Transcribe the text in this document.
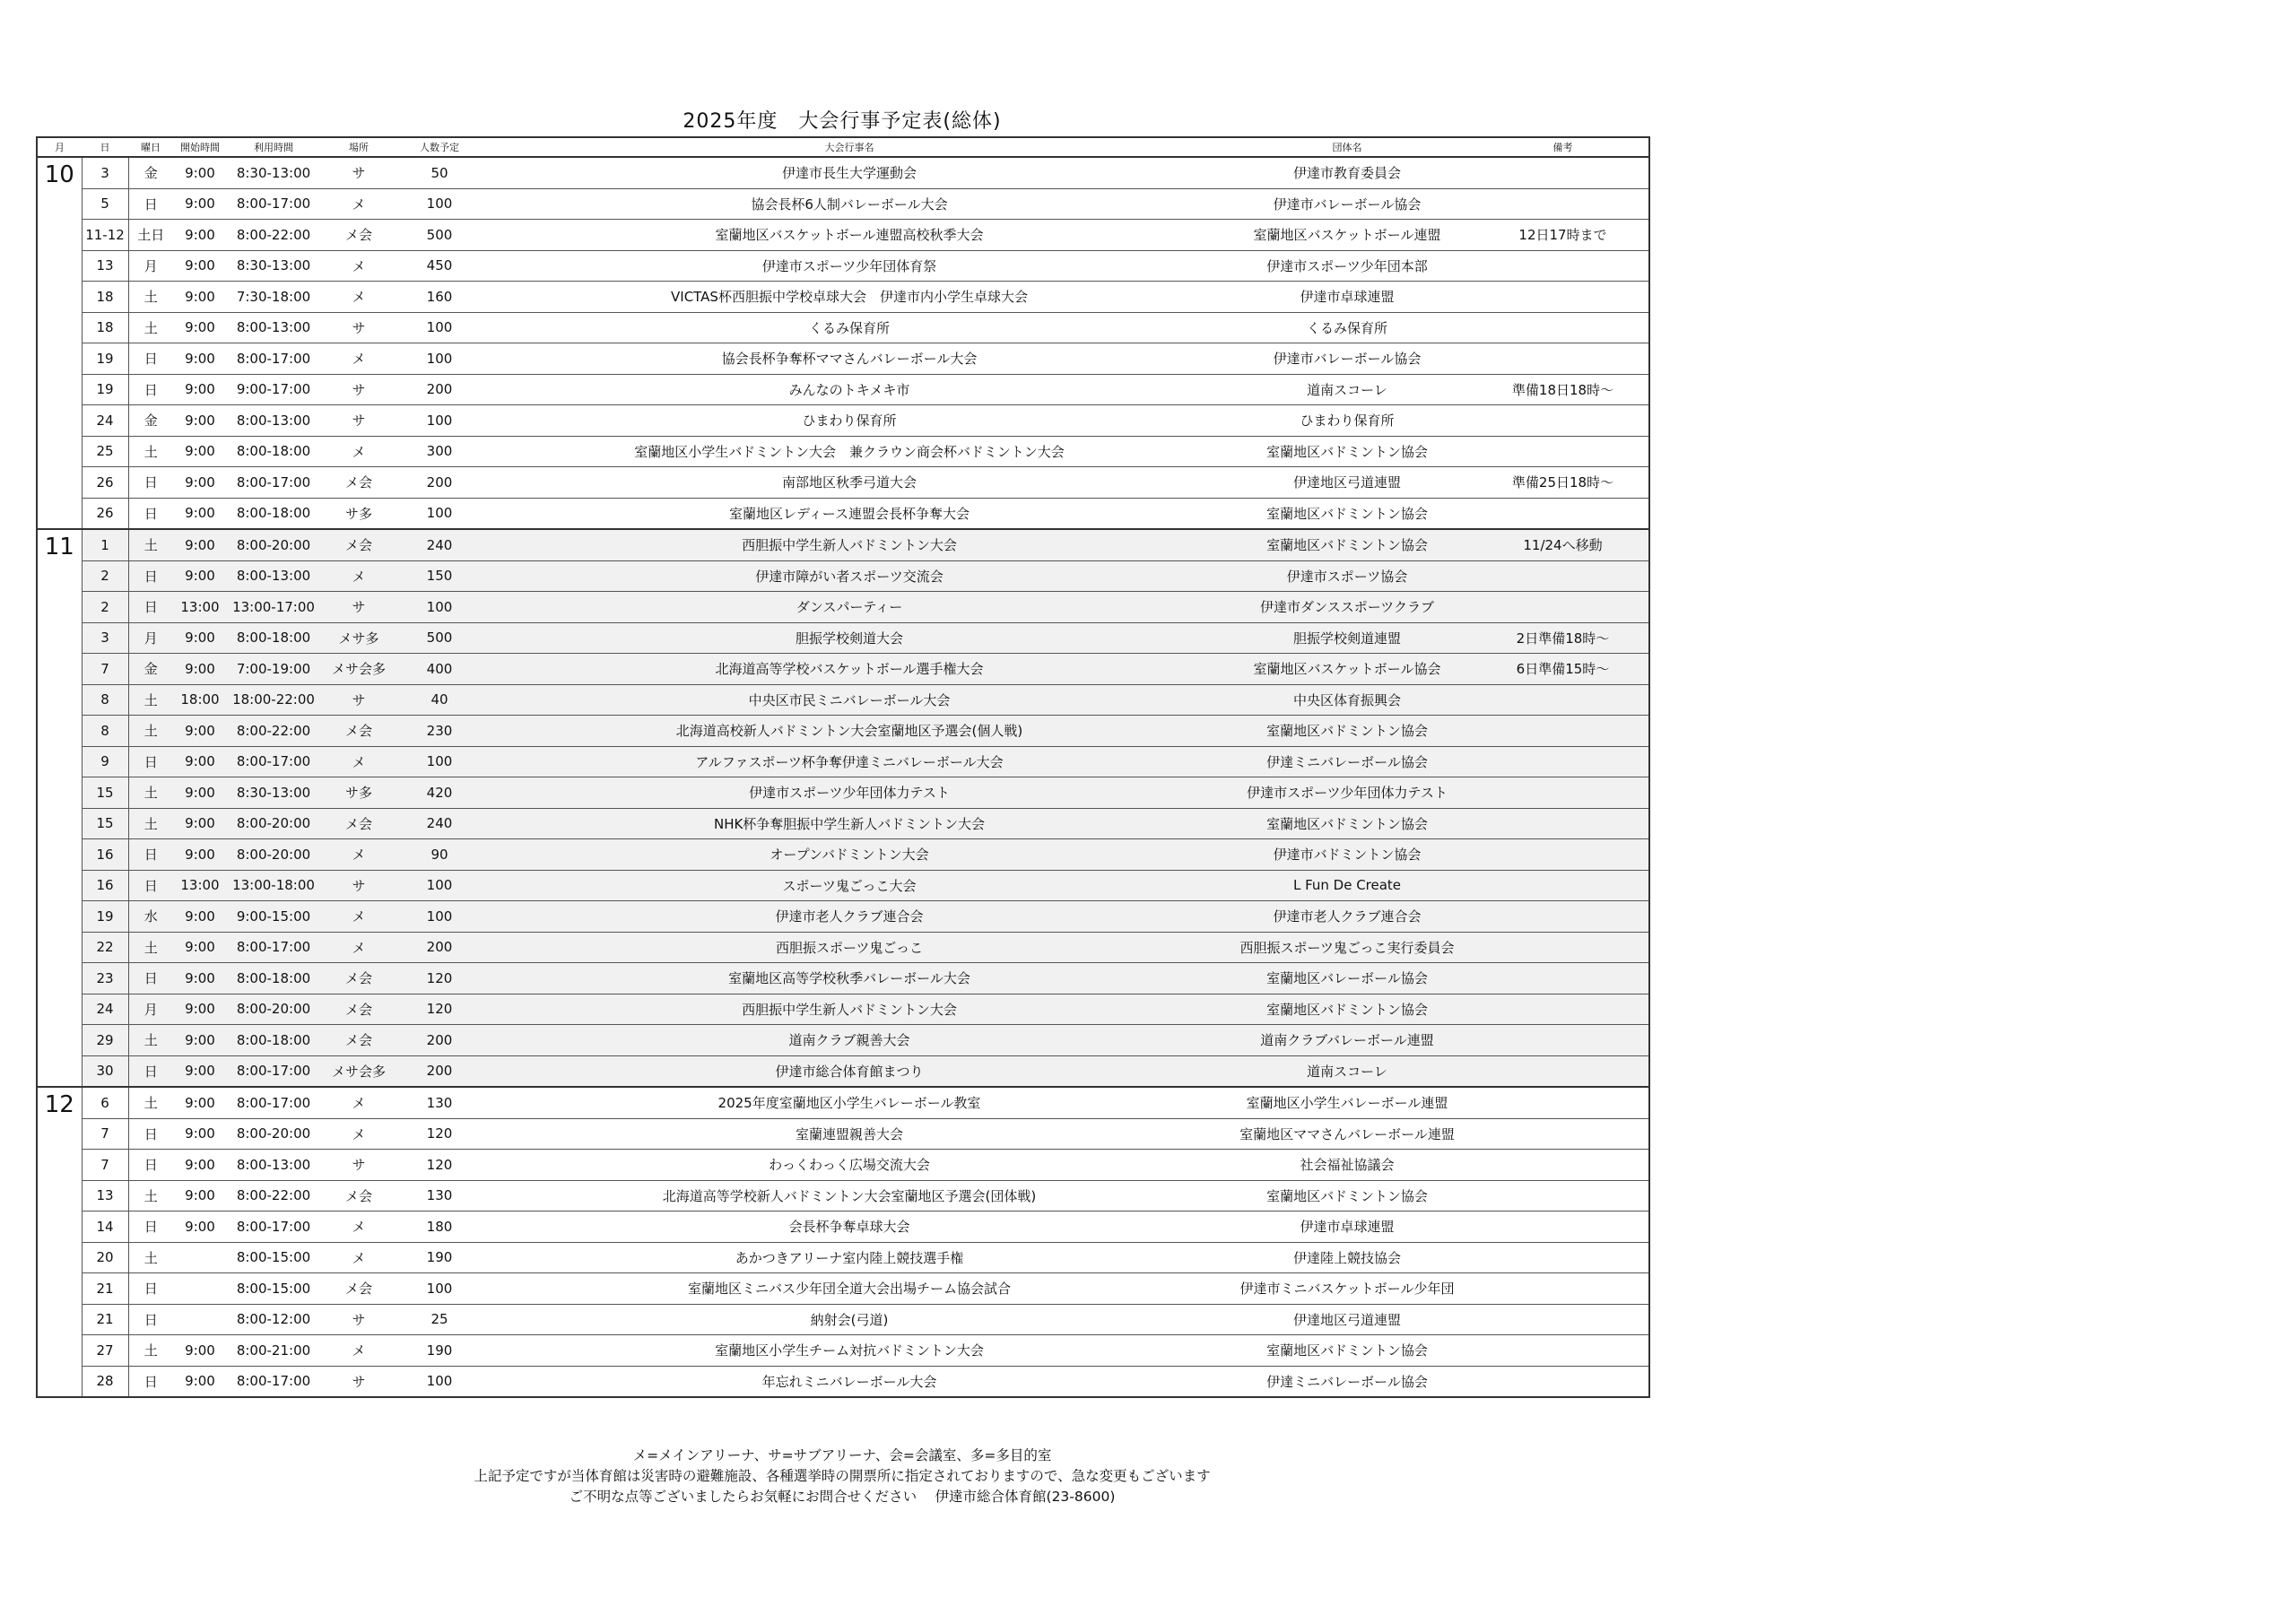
2025年度　大会行事予定表(総体)
月	日	曜日	開始時間	利用時間	場所	人数予定	大会行事名	団体名	備考
10	3	金	9:00	8:30-13:00	サ	50	伊達市長生大学運動会	伊達市教育委員会	
	5	日	9:00	8:00-17:00	メ	100	協会長杯6人制バレーボール大会	伊達市バレーボール協会	
	11-12	土日	9:00	8:00-22:00	メ会	500	室蘭地区バスケットボール連盟高校秋季大会	室蘭地区バスケットボール連盟	12日17時まで
	13	月	9:00	8:30-13:00	メ	450	伊達市スポーツ少年団体育祭	伊達市スポーツ少年団本部	
	18	土	9:00	7:30-18:00	メ	160	VICTAS杯西胆振中学校卓球大会　伊達市内小学生卓球大会	伊達市卓球連盟	
	18	土	9:00	8:00-13:00	サ	100	くるみ保育所	くるみ保育所	
	19	日	9:00	8:00-17:00	メ	100	協会長杯争奪杯ママさんバレーボール大会	伊達市バレーボール協会	
	19	日	9:00	9:00-17:00	サ	200	みんなのトキメキ市	道南スコーレ	準備18日18時～
	24	金	9:00	8:00-13:00	サ	100	ひまわり保育所	ひまわり保育所	
	25	土	9:00	8:00-18:00	メ	300	室蘭地区小学生バドミントン大会　兼クラウン商会杯バドミントン大会	室蘭地区バドミントン協会	
	26	日	9:00	8:00-17:00	メ会	200	南部地区秋季弓道大会	伊達地区弓道連盟	準備25日18時～
	26	日	9:00	8:00-18:00	サ多	100	室蘭地区レディース連盟会長杯争奪大会	室蘭地区バドミントン協会	
11	1	土	9:00	8:00-20:00	メ会	240	西胆振中学生新人バドミントン大会	室蘭地区バドミントン協会	11/24へ移動
	2	日	9:00	8:00-13:00	メ	150	伊達市障がい者スポーツ交流会	伊達市スポーツ協会	
	2	日	13:00	13:00-17:00	サ	100	ダンスパーティー	伊達市ダンススポーツクラブ	
	3	月	9:00	8:00-18:00	メサ多	500	胆振学校剣道大会	胆振学校剣道連盟	2日準備18時～
	7	金	9:00	7:00-19:00	メサ会多	400	北海道高等学校バスケットボール選手権大会	室蘭地区バスケットボール協会	6日準備15時～
	8	土	18:00	18:00-22:00	サ	40	中央区市民ミニバレーボール大会	中央区体育振興会	
	8	土	9:00	8:00-22:00	メ会	230	北海道高校新人バドミントン大会室蘭地区予選会(個人戦)	室蘭地区バドミントン協会	
	9	日	9:00	8:00-17:00	メ	100	アルファスポーツ杯争奪伊達ミニバレーボール大会	伊達ミニバレーボール協会	
	15	土	9:00	8:30-13:00	サ多	420	伊達市スポーツ少年団体力テスト	伊達市スポーツ少年団体力テスト	
	15	土	9:00	8:00-20:00	メ会	240	NHK杯争奪胆振中学生新人バドミントン大会	室蘭地区バドミントン協会	
	16	日	9:00	8:00-20:00	メ	90	オープンバドミントン大会	伊達市バドミントン協会	
	16	日	13:00	13:00-18:00	サ	100	スポーツ鬼ごっこ大会	L Fun De Create	
	19	水	9:00	9:00-15:00	メ	100	伊達市老人クラブ連合会	伊達市老人クラブ連合会	
	22	土	9:00	8:00-17:00	メ	200	西胆振スポーツ鬼ごっこ	西胆振スポーツ鬼ごっこ実行委員会	
	23	日	9:00	8:00-18:00	メ会	120	室蘭地区高等学校秋季バレーボール大会	室蘭地区バレーボール協会	
	24	月	9:00	8:00-20:00	メ会	120	西胆振中学生新人バドミントン大会	室蘭地区バドミントン協会	
	29	土	9:00	8:00-18:00	メ会	200	道南クラブ親善大会	道南クラブバレーボール連盟	
	30	日	9:00	8:00-17:00	メサ会多	200	伊達市総合体育館まつり	道南スコーレ	
12	6	土	9:00	8:00-17:00	メ	130	2025年度室蘭地区小学生バレーボール教室	室蘭地区小学生バレーボール連盟	
	7	日	9:00	8:00-20:00	メ	120	室蘭連盟親善大会	室蘭地区ママさんバレーボール連盟	
	7	日	9:00	8:00-13:00	サ	120	わっくわっく広場交流大会	社会福祉協議会	
	13	土	9:00	8:00-22:00	メ会	130	北海道高等学校新人バドミントン大会室蘭地区予選会(団体戦)	室蘭地区バドミントン協会	
	14	日	9:00	8:00-17:00	メ	180	会長杯争奪卓球大会	伊達市卓球連盟	
	20	土		8:00-15:00	メ	190	あかつきアリーナ室内陸上競技選手権	伊達陸上競技協会	
	21	日		8:00-15:00	メ会	100	室蘭地区ミニバス少年団全道大会出場チーム協会試合	伊達市ミニバスケットボール少年団	
	21	日		8:00-12:00	サ	25	納射会(弓道)	伊達地区弓道連盟	
	27	土	9:00	8:00-21:00	メ	190	室蘭地区小学生チーム対抗バドミントン大会	室蘭地区バドミントン協会	
	28	日	9:00	8:00-17:00	サ	100	年忘れミニバレーボール大会	伊達ミニバレーボール協会	
メ=メインアリーナ、サ=サブアリーナ、会=会議室、多=多目的室
上記予定ですが当体育館は災害時の避難施設、各種選挙時の開票所に指定されておりますので、急な変更もございます
ご不明な点等ございましたらお気軽にお問合せください　 伊達市総合体育館(23-8600)
